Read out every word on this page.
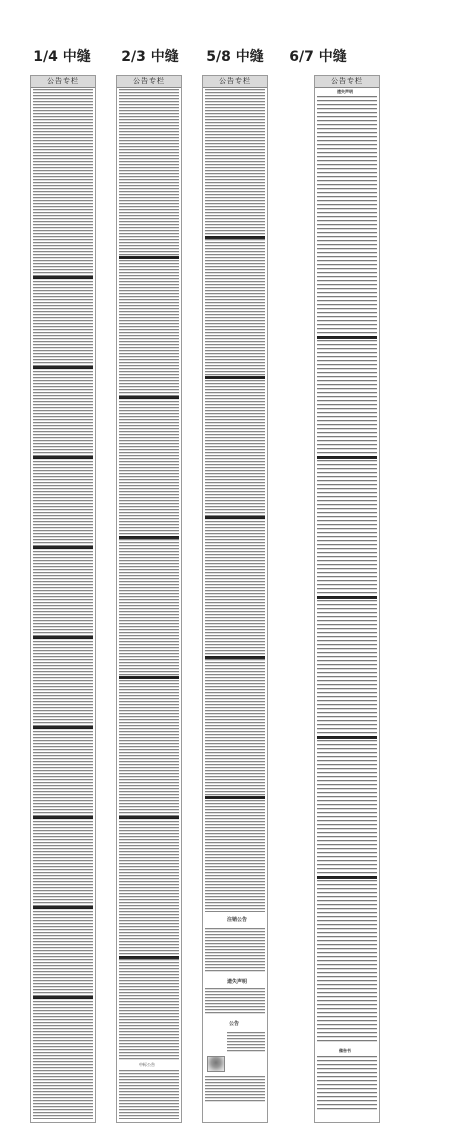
1/4 中缝	2/3 中缝	5/8 中缝	6/7 中缝
公告专栏	公告专栏
中标公告
公告专栏
注销公告
遗失声明
公告
公告专栏
遗失声明
催告书
